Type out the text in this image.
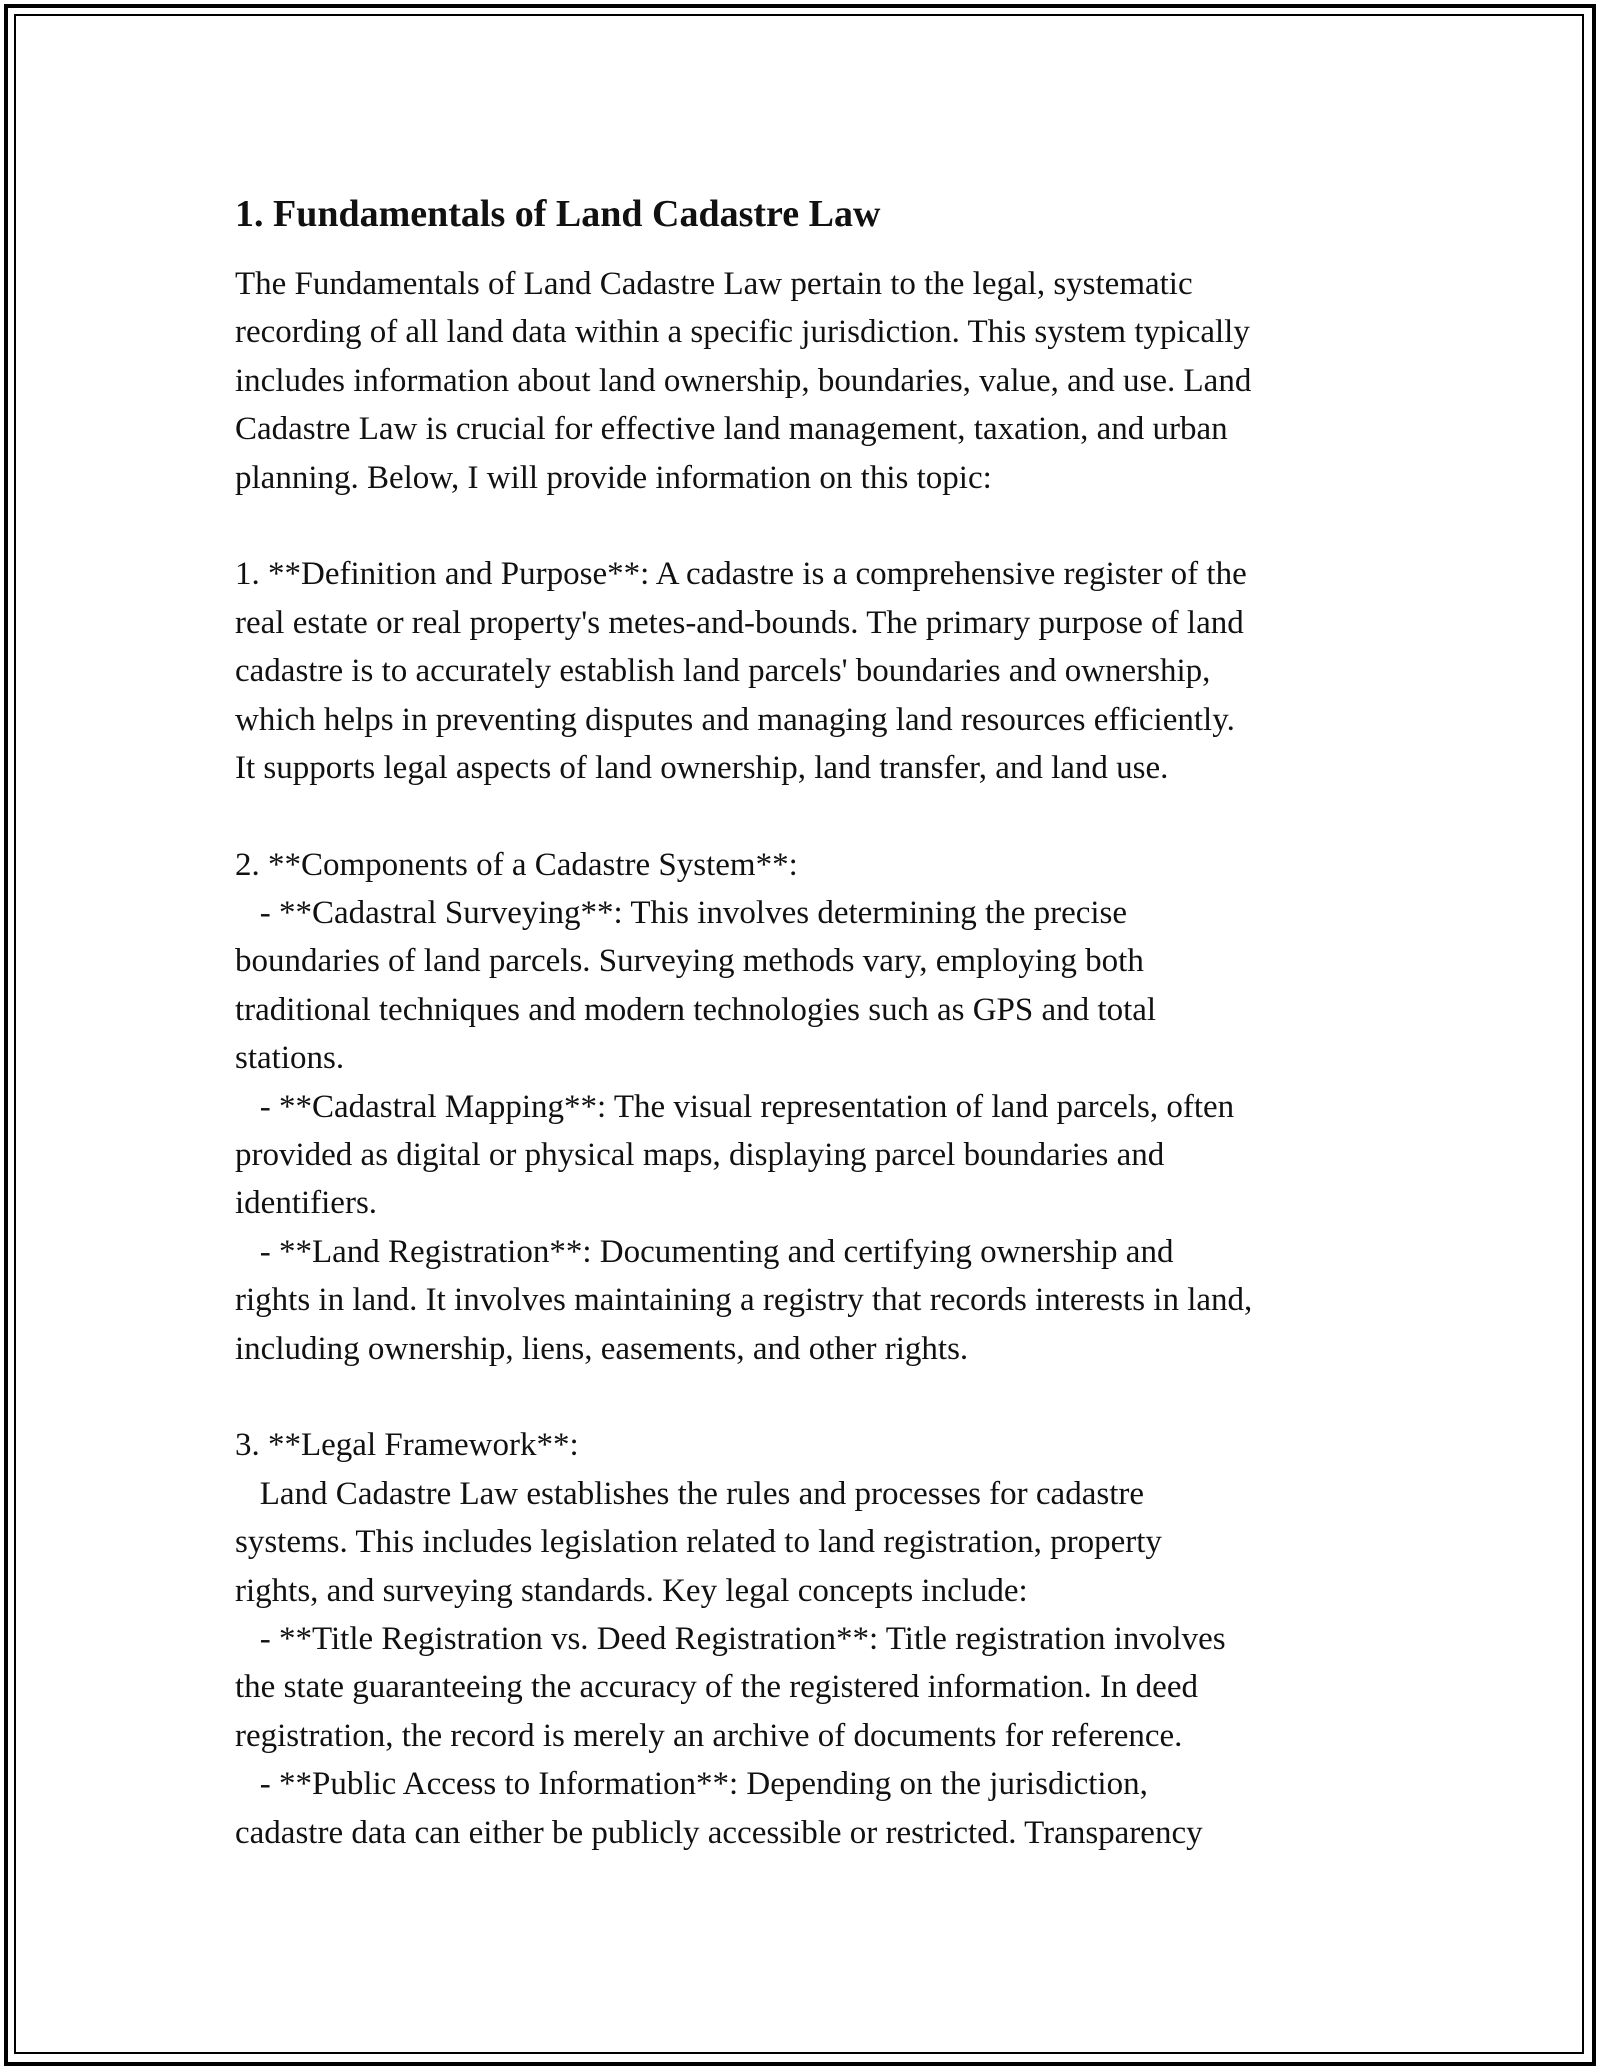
1. Fundamentals of Land Cadastre Law
The Fundamentals of Land Cadastre Law pertain to the legal, systematic
recording of all land data within a specific jurisdiction. This system typically
includes information about land ownership, boundaries, value, and use. Land
Cadastre Law is crucial for effective land management, taxation, and urban
planning. Below, I will provide information on this topic:
1. **Definition and Purpose**: A cadastre is a comprehensive register of the
real estate or real property's metes-and-bounds. The primary purpose of land
cadastre is to accurately establish land parcels' boundaries and ownership,
which helps in preventing disputes and managing land resources efficiently.
It supports legal aspects of land ownership, land transfer, and land use.
2. **Components of a Cadastre System**:
- **Cadastral Surveying**: This involves determining the precise
boundaries of land parcels. Surveying methods vary, employing both
traditional techniques and modern technologies such as GPS and total
stations.
- **Cadastral Mapping**: The visual representation of land parcels, often
provided as digital or physical maps, displaying parcel boundaries and
identifiers.
- **Land Registration**: Documenting and certifying ownership and
rights in land. It involves maintaining a registry that records interests in land,
including ownership, liens, easements, and other rights.
3. **Legal Framework**:
Land Cadastre Law establishes the rules and processes for cadastre
systems. This includes legislation related to land registration, property
rights, and surveying standards. Key legal concepts include:
- **Title Registration vs. Deed Registration**: Title registration involves
the state guaranteeing the accuracy of the registered information. In deed
registration, the record is merely an archive of documents for reference.
- **Public Access to Information**: Depending on the jurisdiction,
cadastre data can either be publicly accessible or restricted. Transparency
